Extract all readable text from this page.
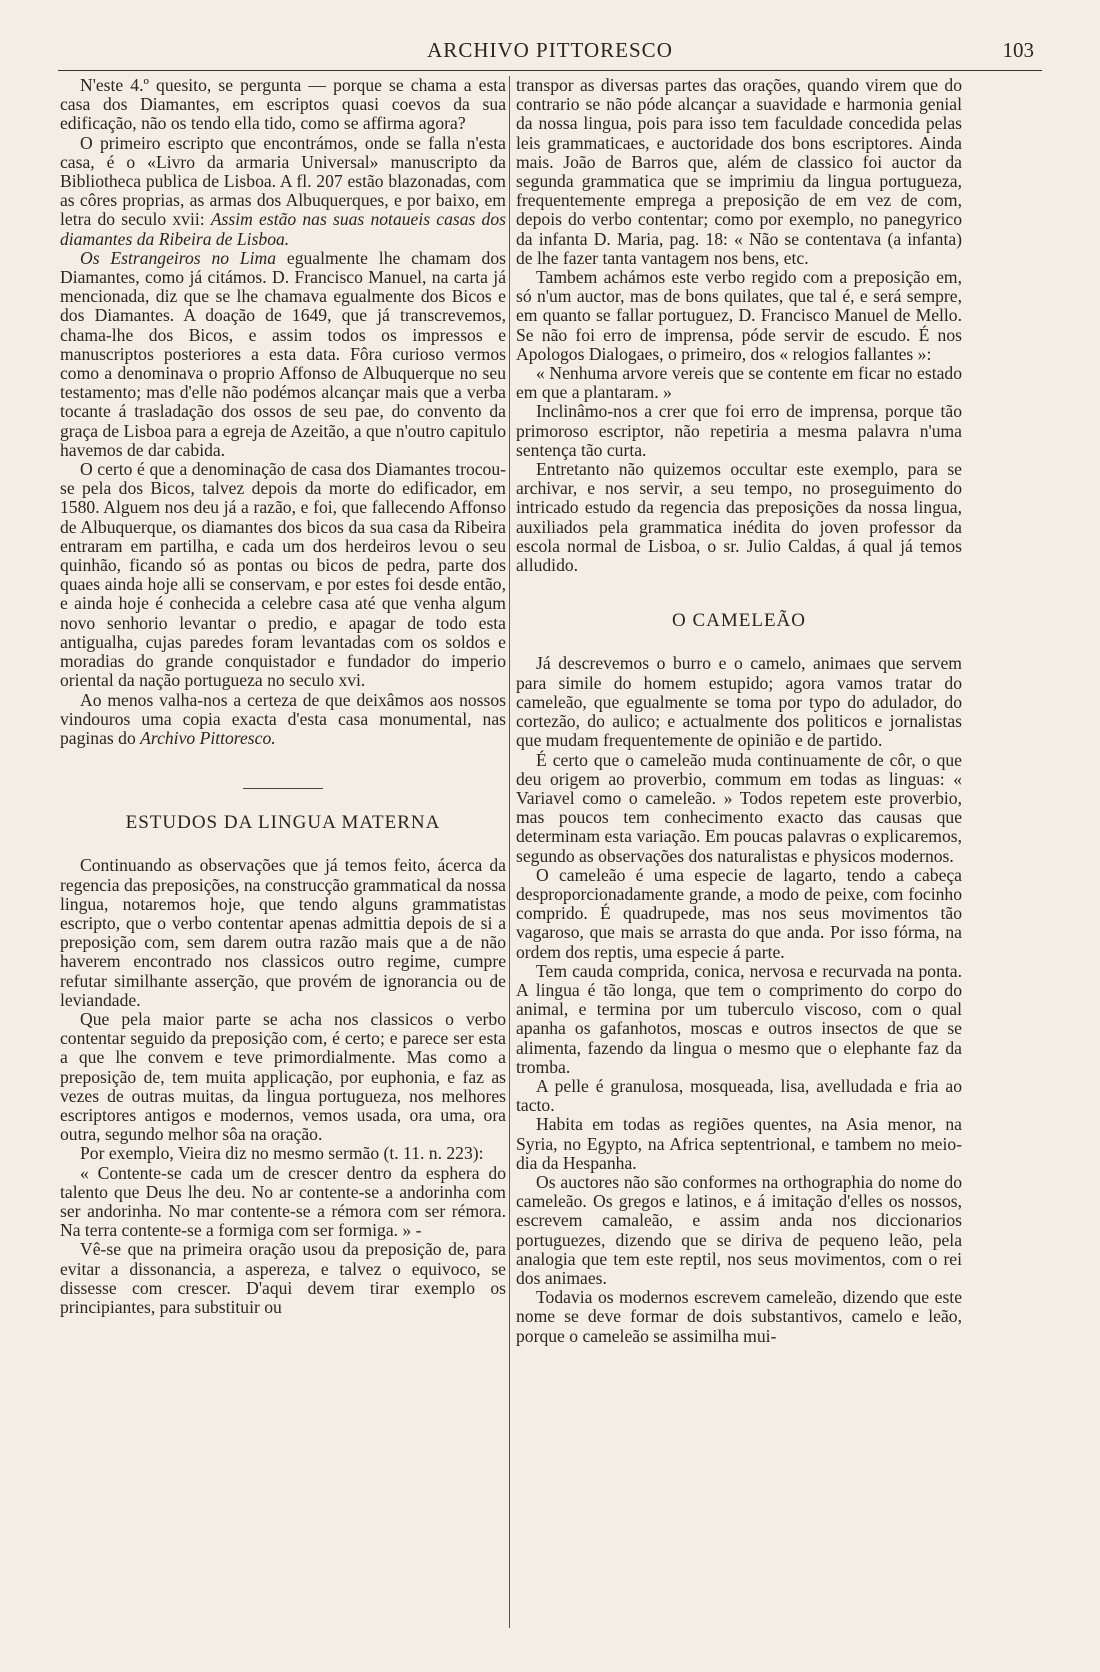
ARCHIVO PITTORESCO	103

N'este 4.º quesito, se pergunta — porque se chama a esta casa dos Diamantes, em escriptos quasi coevos da sua edificação, não os tendo ella tido, como se affirma agora?

O primeiro escripto que encontrámos, onde se falla n'esta casa, é o «Livro da armaria Universal» manuscripto da Bibliotheca publica de Lisboa. A fl. 207 estão blazonadas, com as côres proprias, as armas dos Albuquerques, e por baixo, em letra do seculo xvii: Assim estão nas suas notaueis casas dos diamantes da Ribeira de Lisboa.

Os Estrangeiros no Lima egualmente lhe chamam dos Diamantes, como já citámos. D. Francisco Manuel, na carta já mencionada, diz que se lhe chamava egualmente dos Bicos e dos Diamantes. A doação de 1649, que já transcrevemos, chama-lhe dos Bicos, e assim todos os impressos e manuscriptos posteriores a esta data. Fôra curioso vermos como a denominava o proprio Affonso de Albuquerque no seu testamento; mas d'elle não podémos alcançar mais que a verba tocante á trasladação dos ossos de seu pae, do convento da graça de Lisboa para a egreja de Azeitão, a que n'outro capitulo havemos de dar cabida.

O certo é que a denominação de casa dos Diamantes trocou-se pela dos Bicos, talvez depois da morte do edificador, em 1580. Alguem nos deu já a razão, e foi, que fallecendo Affonso de Albuquerque, os diamantes dos bicos da sua casa da Ribeira entraram em partilha, e cada um dos herdeiros levou o seu quinhão, ficando só as pontas ou bicos de pedra, parte dos quaes ainda hoje alli se conservam, e por estes foi desde então, e ainda hoje é conhecida a celebre casa até que venha algum novo senhorio levantar o predio, e apagar de todo esta antigualha, cujas paredes foram levantadas com os soldos e moradias do grande conquistador e fundador do imperio oriental da nação portugueza no seculo xvi.

Ao menos valha-nos a certeza de que deixâmos aos nossos vindouros uma copia exacta d'esta casa monumental, nas paginas do Archivo Pittoresco.

ESTUDOS DA LINGUA MATERNA

Continuando as observações que já temos feito, ácerca da regencia das preposições, na construcção grammatical da nossa lingua, notaremos hoje, que tendo alguns grammatistas escripto, que o verbo contentar apenas admittia depois de si a preposição com, sem darem outra razão mais que a de não haverem encontrado nos classicos outro regime, cumpre refutar similhante asserção, que provém de ignorancia ou de leviandade.

Que pela maior parte se acha nos classicos o verbo contentar seguido da preposição com, é certo; e parece ser esta a que lhe convem e teve primordialmente. Mas como a preposição de, tem muita applicação, por euphonia, e faz as vezes de outras muitas, da lingua portugueza, nos melhores escriptores antigos e modernos, vemos usada, ora uma, ora outra, segundo melhor sôa na oração.

Por exemplo, Vieira diz no mesmo sermão (t. 11. n. 223):

« Contente-se cada um de crescer dentro da esphera do talento que Deus lhe deu. No ar contente-se a andorinha com ser andorinha. No mar contente-se a rémora com ser rémora. Na terra contente-se a formiga com ser formiga. » -

Vê-se que na primeira oração usou da preposição de, para evitar a dissonancia, a aspereza, e talvez o equivoco, se dissesse com crescer. D'aqui devem tirar exemplo os principiantes, para substituir ou

transpor as diversas partes das orações, quando virem que do contrario se não póde alcançar a suavidade e harmonia genial da nossa lingua, pois para isso tem faculdade concedida pelas leis grammaticaes, e auctoridade dos bons escriptores. Ainda mais. João de Barros que, além de classico foi auctor da segunda grammatica que se imprimiu da lingua portugueza, frequentemente emprega a preposição de em vez de com, depois do verbo contentar; como por exemplo, no panegyrico da infanta D. Maria, pag. 18: « Não se contentava (a infanta) de lhe fazer tanta vantagem nos bens, etc.

Tambem achámos este verbo regido com a preposição em, só n'um auctor, mas de bons quilates, que tal é, e será sempre, em quanto se fallar portuguez, D. Francisco Manuel de Mello. Se não foi erro de imprensa, póde servir de escudo. É nos Apologos Dialogaes, o primeiro, dos « relogios fallantes »:

« Nenhuma arvore vereis que se contente em ficar no estado em que a plantaram. »

Inclinâmo-nos a crer que foi erro de imprensa, porque tão primoroso escriptor, não repetiria a mesma palavra n'uma sentença tão curta.

Entretanto não quizemos occultar este exemplo, para se archivar, e nos servir, a seu tempo, no proseguimento do intricado estudo da regencia das preposições da nossa lingua, auxiliados pela grammatica inédita do joven professor da escola normal de Lisboa, o sr. Julio Caldas, á qual já temos alludido.

O CAMELEÃO

Já descrevemos o burro e o camelo, animaes que servem para simile do homem estupido; agora vamos tratar do cameleão, que egualmente se toma por typo do adulador, do cortezão, do aulico; e actualmente dos politicos e jornalistas que mudam frequentemente de opinião e de partido.

É certo que o cameleão muda continuamente de côr, o que deu origem ao proverbio, commum em todas as linguas: « Variavel como o cameleão. » Todos repetem este proverbio, mas poucos tem conhecimento exacto das causas que determinam esta variação. Em poucas palavras o explicaremos, segundo as observações dos naturalistas e physicos modernos.

O cameleão é uma especie de lagarto, tendo a cabeça desproporcionadamente grande, a modo de peixe, com focinho comprido. É quadrupede, mas nos seus movimentos tão vagaroso, que mais se arrasta do que anda. Por isso fórma, na ordem dos reptis, uma especie á parte.

Tem cauda comprida, conica, nervosa e recurvada na ponta. A lingua é tão longa, que tem o comprimento do corpo do animal, e termina por um tuberculo viscoso, com o qual apanha os gafanhotos, moscas e outros insectos de que se alimenta, fazendo da lingua o mesmo que o elephante faz da tromba.

A pelle é granulosa, mosqueada, lisa, avelludada e fria ao tacto.

Habita em todas as regiões quentes, na Asia menor, na Syria, no Egypto, na Africa septentrional, e tambem no meio-dia da Hespanha.

Os auctores não são conformes na orthographia do nome do cameleão. Os gregos e latinos, e á imitação d'elles os nossos, escrevem camaleão, e assim anda nos diccionarios portuguezes, dizendo que se diriva de pequeno leão, pela analogia que tem este reptil, nos seus movimentos, com o rei dos animaes.

Todavia os modernos escrevem cameleão, dizendo que este nome se deve formar de dois substantivos, camelo e leão, porque o cameleão se assimilha mui-
